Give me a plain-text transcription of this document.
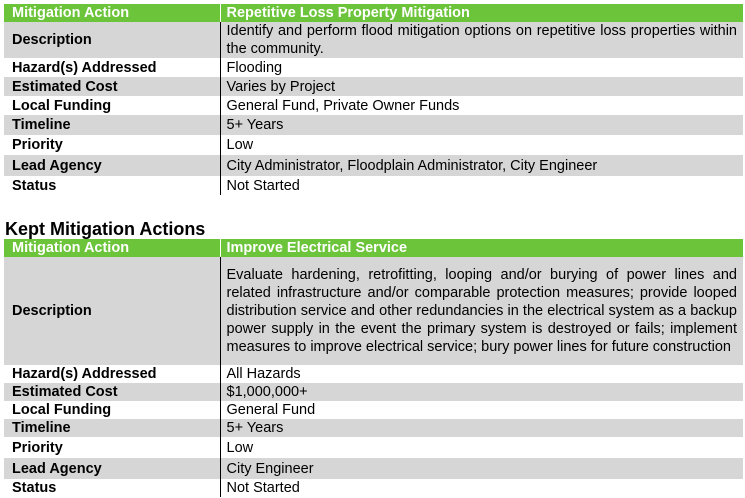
Mitigation Action	Repetitive Loss Property Mitigation
Description	Identify and perform flood mitigation options on repetitive loss properties within the community.
Hazard(s) Addressed	Flooding
Estimated Cost	Varies by Project
Local Funding	General Fund, Private Owner Funds
Timeline	5+ Years
Priority	Low
Lead Agency	City Administrator, Floodplain Administrator, City Engineer
Status	Not Started
Kept Mitigation Actions
Mitigation Action	Improve Electrical Service
Description	Evaluate hardening, retrofitting, looping and/or burying of power lines and related infrastructure and/or comparable protection measures; provide looped distribution service and other redundancies in the electrical system as a backup power supply in the event the primary system is destroyed or fails; implement measures to improve electrical service; bury power lines for future construction
Hazard(s) Addressed	All Hazards
Estimated Cost	$1,000,000+
Local Funding	General Fund
Timeline	5+ Years
Priority	Low
Lead Agency	City Engineer
Status	Not Started
